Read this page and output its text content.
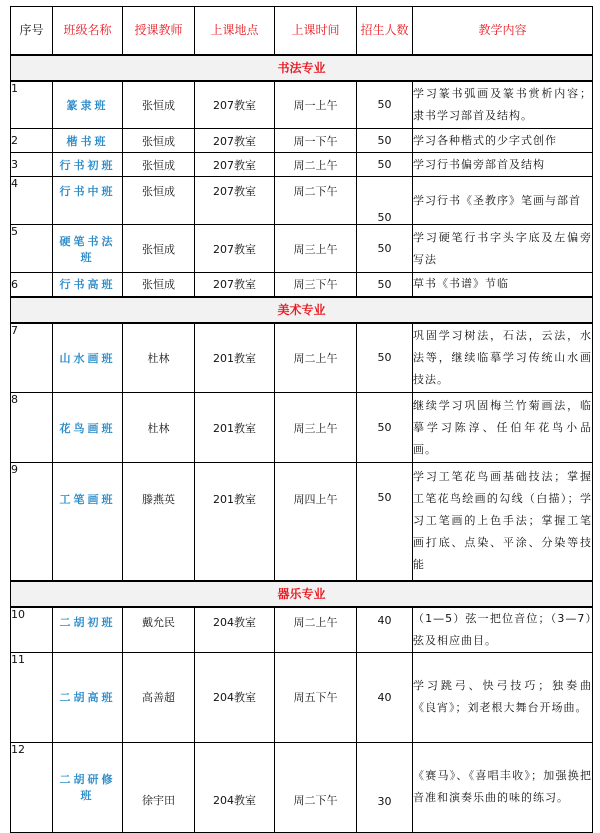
序号	班级名称	授课教师	上课地点	上课时间	招生人数	教学内容
书法专业						
1	篆隶班	张恒成	207教室	周一上午	50	学习篆书弧画及篆书赏析内容；隶书学习部首及结构。
2	楷书班	张恒成	207教室	周一下午	50	学习各种楷式的少字式创作
3	行书初班	张恒成	207教室	周二上午	50	学习行书偏旁部首及结构
4	行书中班	张恒成	207教室	周二下午	50	学习行书《圣教序》笔画与部首
5	硬笔书法班	张恒成	207教室	周三上午	50	学习硬笔行书字头字底及左偏旁写法
6	行书高班	张恒成	207教室	周三下午	50	草书《书谱》节临
美术专业						
7	山水画班	杜林	201教室	周二上午	50	巩固学习树法，石法，云法，水法等，继续临摹学习传统山水画技法。
8	花鸟画班	杜林	201教室	周三上午	50	继续学习巩固梅兰竹菊画法，临摹学习陈淳、任伯年花鸟小品画。
9	工笔画班	滕燕英	201教室	周四上午	50	学习工笔花鸟画基础技法；掌握工笔花鸟绘画的勾线（白描）；学习工笔画的上色手法；掌握工笔画打底、点染、平涂、分染等技能
器乐专业						
10	二胡初班	戴允民	204教室	周二上午	40	（1—5）弦一把位音位；（3—7）弦及相应曲目。
11	二胡高班	高善超	204教室	周五下午	40	学习跳弓、快弓技巧；独奏曲《良宵》；刘老根大舞台开场曲。
12	二胡研修班	徐宇田	204教室	周二下午	30	《赛马》、《喜唱丰收》；加强换把音准和演奏乐曲的味的练习。
